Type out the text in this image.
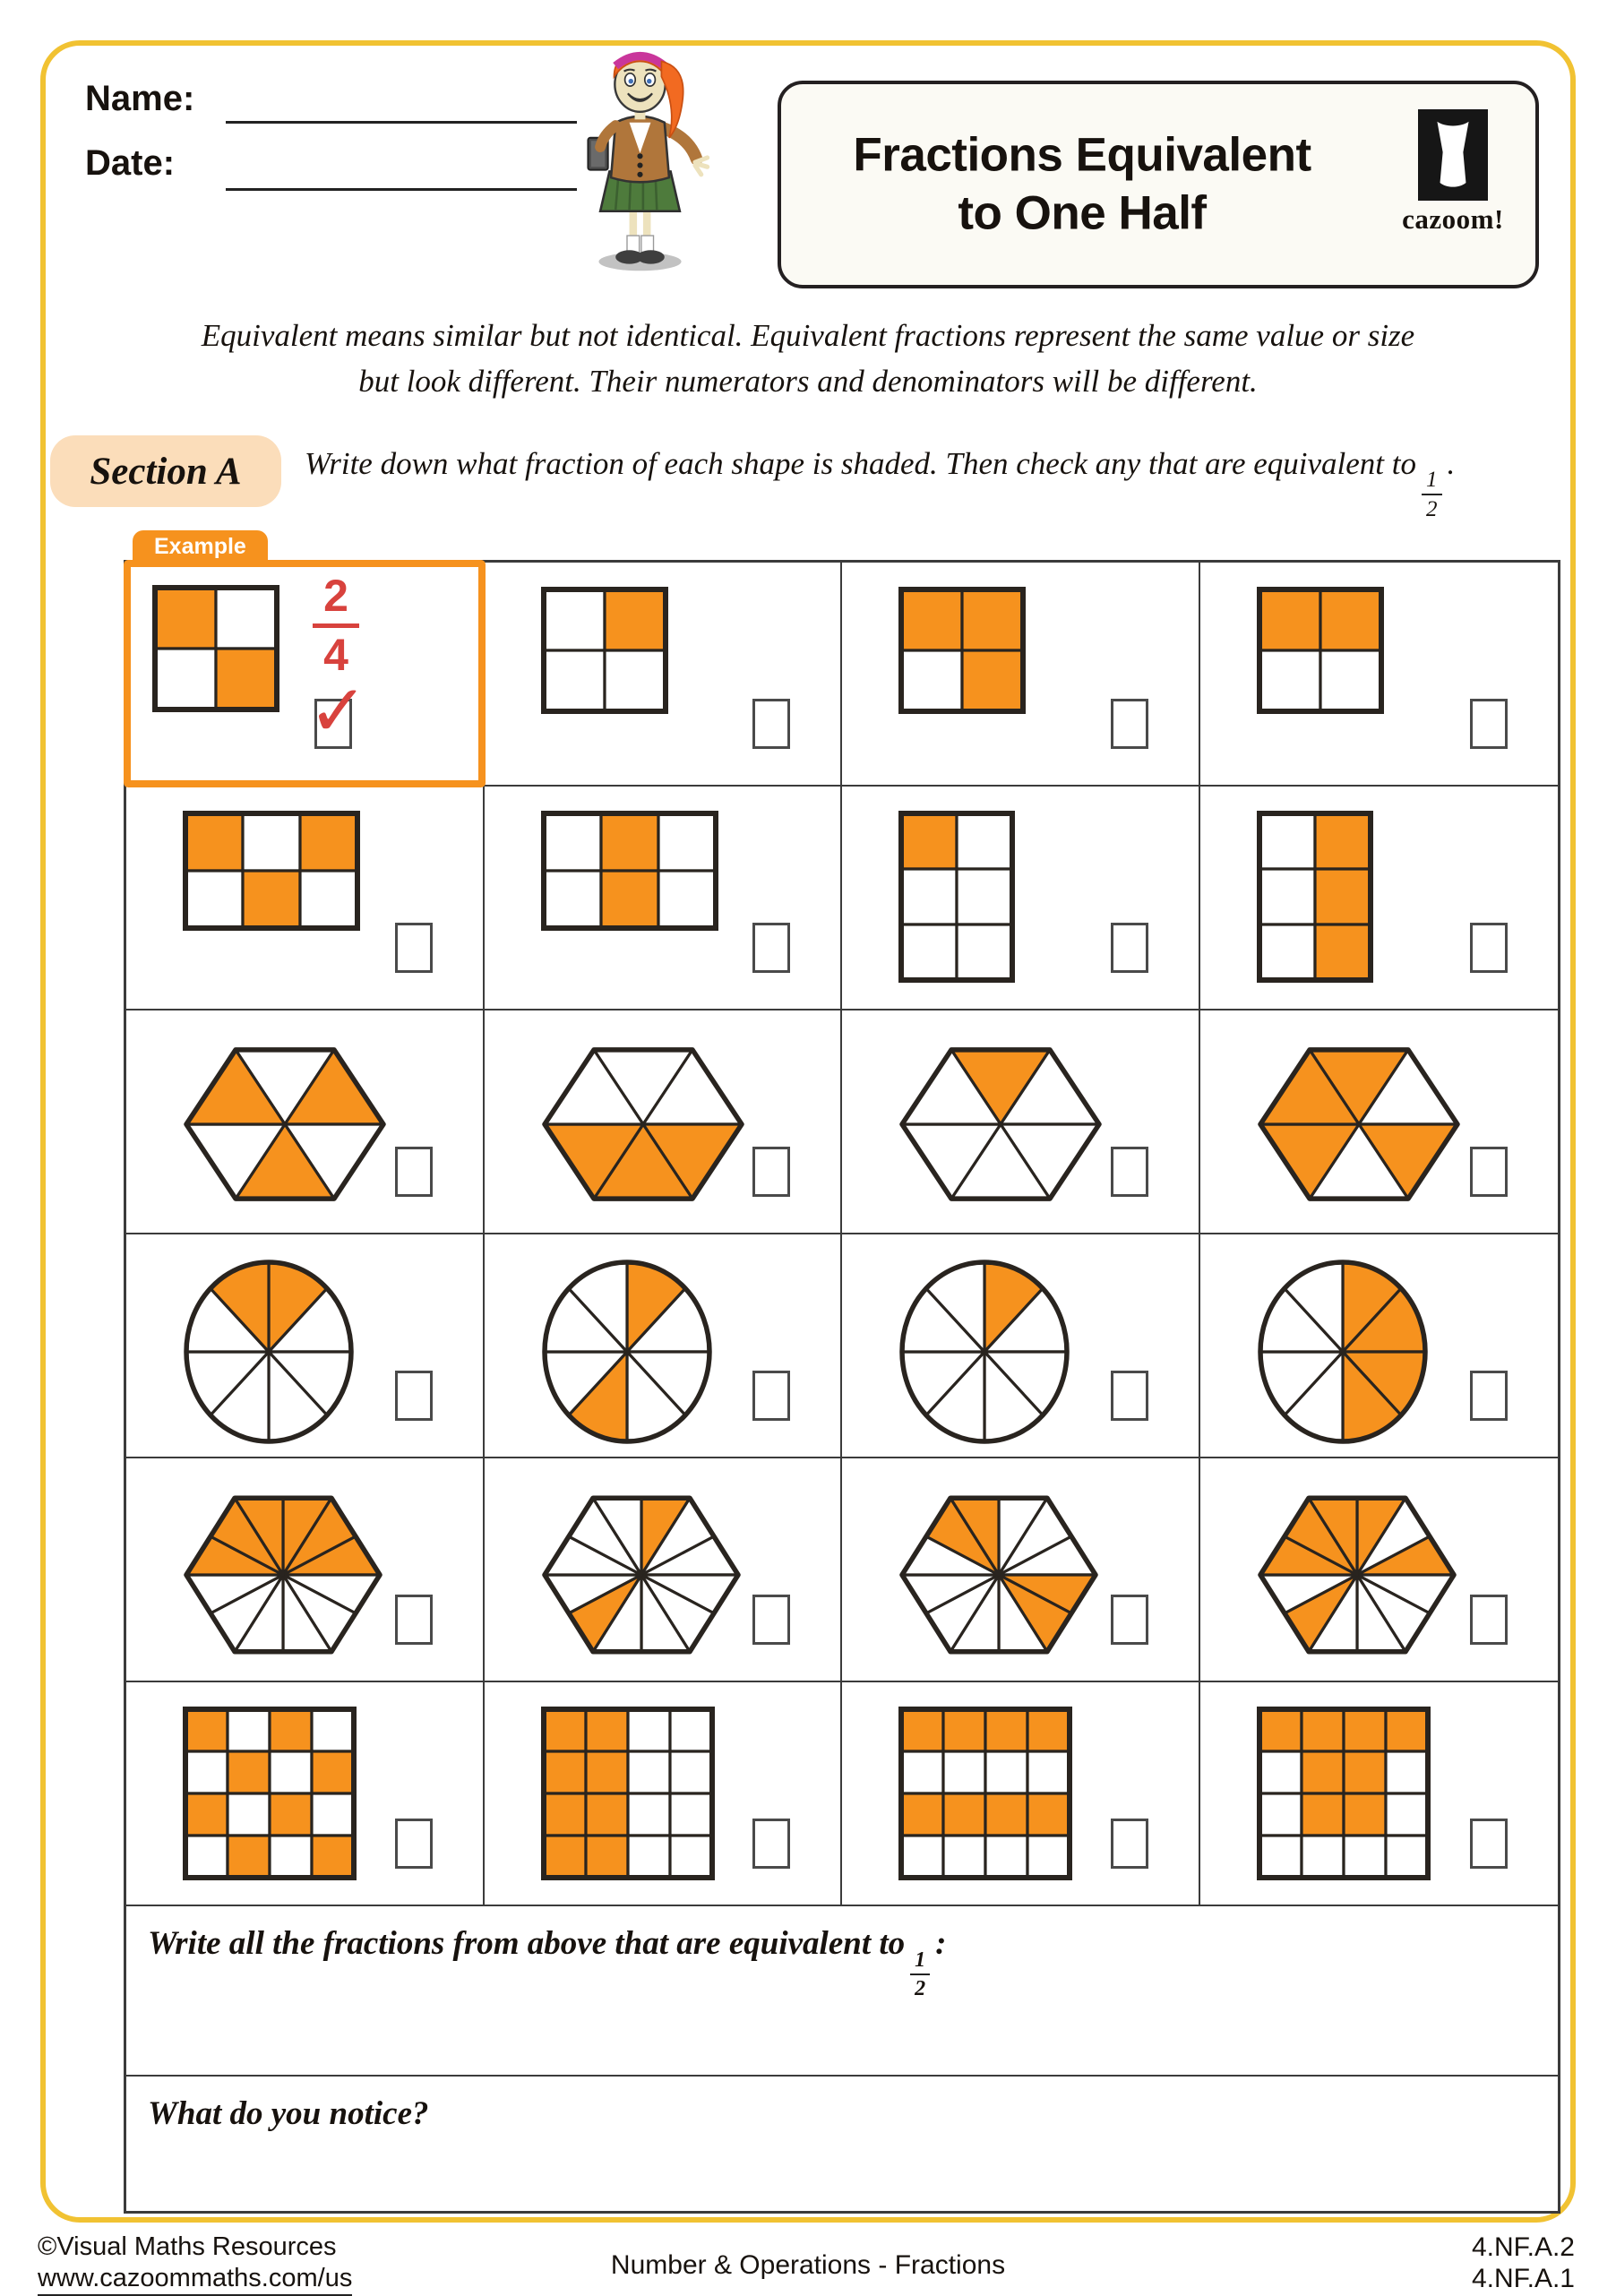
Name:
Date:	Fractions Equivalent
to One Half	cazoom!
Equivalent means similar but not identical. Equivalent fractions represent the same value or size
but look different. Their numerators and denominators will be different.
Section A	Write down what fraction of each shape is shaded. Then check any that are equivalent to
$\frac{1}{2}$
.
Write all the fractions from above that are equivalent to
$\frac{1}{2}$
:
What do you notice?
✓
Example
$\frac{2}{4}$
©Visual Maths Resources
www.cazoommaths.com/us	Number & Operations - Fractions
4.NF.A.2
4.NF.A.1
